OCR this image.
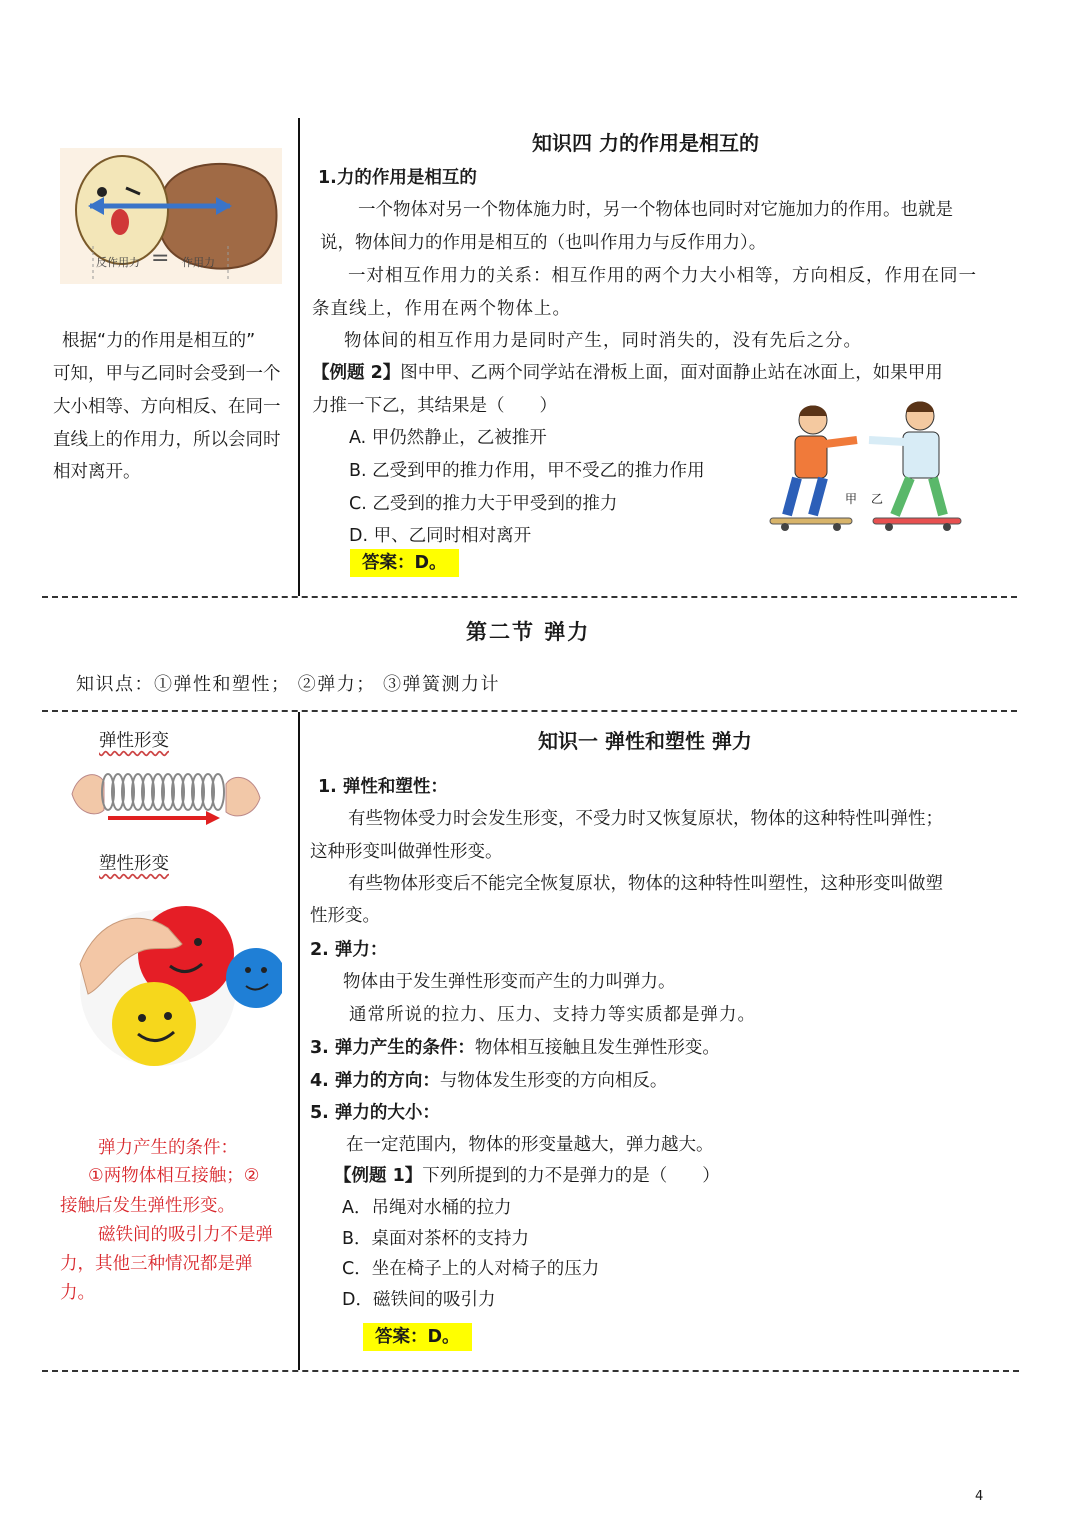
反作用力 = 作用力
根据“力的作用是相互的”
可知，甲与乙同时会受到一个
大小相等、方向相反、在同一
直线上的作用力，所以会同时
相对离开。
知识四 力的作用是相互的
1.力的作用是相互的
一个物体对另一个物体施力时，另一个物体也同时对它施加力的作用。也就是
说，物体间力的作用是相互的（也叫作用力与反作用力）。
一对相互作用力的关系：相互作用的两个力大小相等，方向相反，作用在同一
条直线上，作用在两个物体上。
物体间的相互作用力是同时产生，同时消失的，没有先后之分。
【例题 2】图中甲、乙两个同学站在滑板上面，面对面静止站在冰面上，如果甲用
力推一下乙，其结果是（　　）
A. 甲仍然静止，乙被推开
B. 乙受到甲的推力作用，甲不受乙的推力作用
C. 乙受到的推力大于甲受到的推力
D. 甲、乙同时相对离开
答案：D。
甲 乙
第二节 弹力
知识点：①弹性和塑性； ②弹力； ③弹簧测力计
弹性形变
塑性形变
弹力产生的条件：
①两物体相互接触；②
接触后发生弹性形变。
磁铁间的吸引力不是弹
力，其他三种情况都是弹
力。
知识一 弹性和塑性 弹力
1. 弹性和塑性：
有些物体受力时会发生形变，不受力时又恢复原状，物体的这种特性叫弹性；
这种形变叫做弹性形变。
有些物体形变后不能完全恢复原状，物体的这种特性叫塑性，这种形变叫做塑
性形变。
2. 弹力：
物体由于发生弹性形变而产生的力叫弹力。
通常所说的拉力、压力、支持力等实质都是弹力。
3. 弹力产生的条件：物体相互接触且发生弹性形变。
4. 弹力的方向：与物体发生形变的方向相反。
5. 弹力的大小：
在一定范围内，物体的形变量越大，弹力越大。
【例题 1】下列所提到的力不是弹力的是（　　）
A．吊绳对水桶的拉力
B．桌面对茶杯的支持力
C．坐在椅子上的人对椅子的压力
D．磁铁间的吸引力
答案：D。
4
